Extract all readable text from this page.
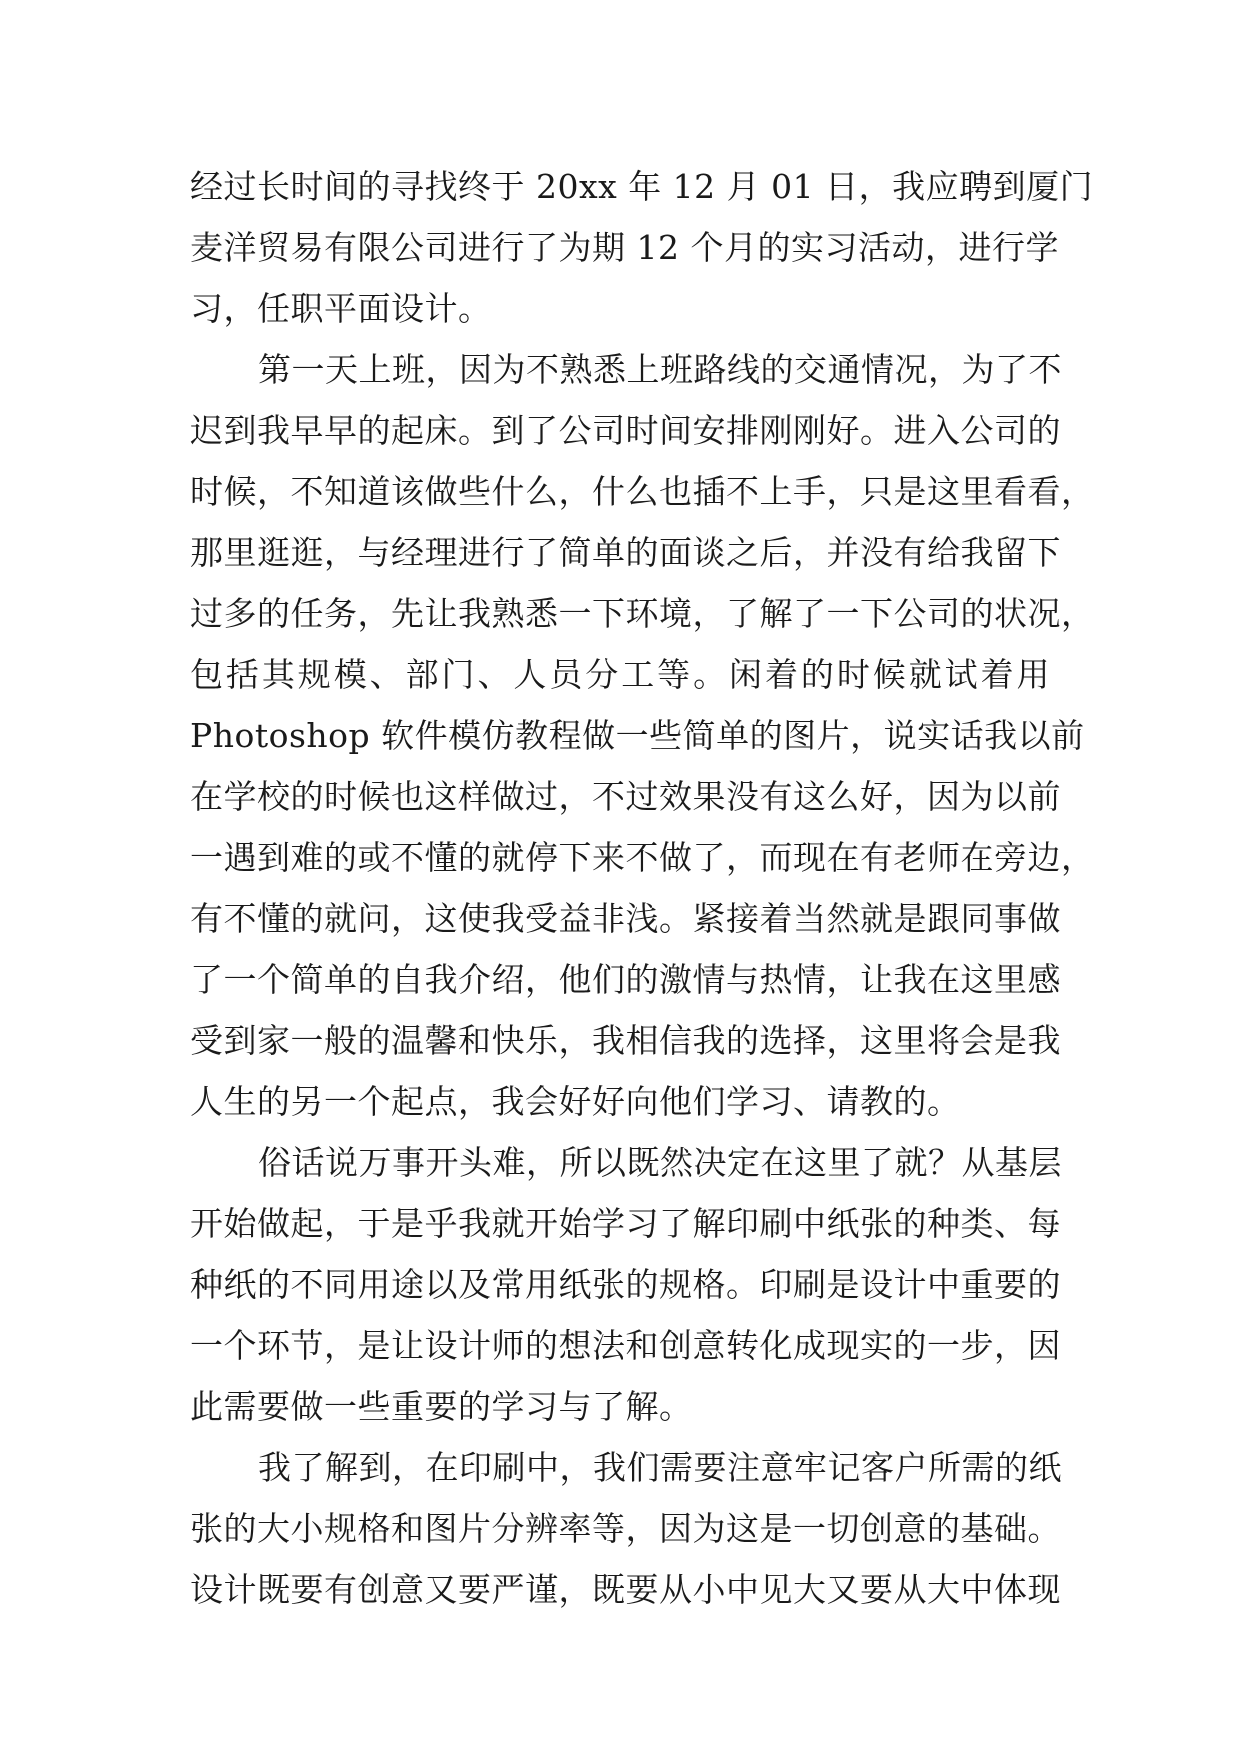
经过长时间的寻找终于 20xx 年 12 月 01 日，我应聘到厦门
麦洋贸易有限公司进行了为期 12 个月的实习活动，进行学
习，任职平面设计。
第一天上班，因为不熟悉上班路线的交通情况，为了不
迟到我早早的起床。到了公司时间安排刚刚好。进入公司的
时候，不知道该做些什么，什么也插不上手，只是这里看看，
那里逛逛，与经理进行了简单的面谈之后，并没有给我留下
过多的任务，先让我熟悉一下环境，了解了一下公司的状况，
包括其规模、部门、人员分工等。闲着的时候就试着用
Photoshop 软件模仿教程做一些简单的图片，说实话我以前
在学校的时候也这样做过，不过效果没有这么好，因为以前
一遇到难的或不懂的就停下来不做了，而现在有老师在旁边，
有不懂的就问，这使我受益非浅。紧接着当然就是跟同事做
了一个简单的自我介绍，他们的激情与热情，让我在这里感
受到家一般的温馨和快乐，我相信我的选择，这里将会是我
人生的另一个起点，我会好好向他们学习、请教的。
俗话说万事开头难，所以既然决定在这里了就？从基层
开始做起，于是乎我就开始学习了解印刷中纸张的种类、每
种纸的不同用途以及常用纸张的规格。印刷是设计中重要的
一个环节，是让设计师的想法和创意转化成现实的一步，因
此需要做一些重要的学习与了解。
我了解到，在印刷中，我们需要注意牢记客户所需的纸
张的大小规格和图片分辨率等，因为这是一切创意的基础。
设计既要有创意又要严谨，既要从小中见大又要从大中体现
